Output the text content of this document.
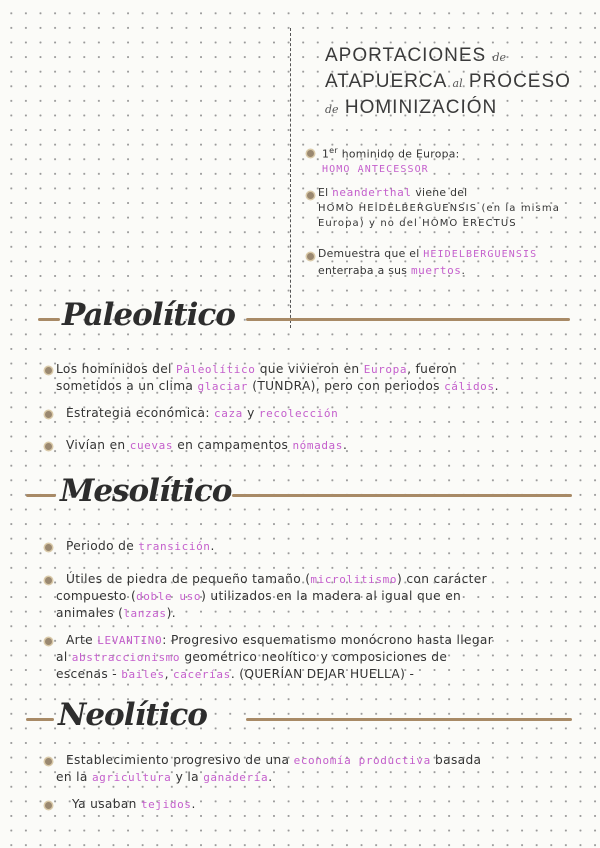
APORTACIONES de
ATAPUERCA al PROCESO
de HOMINIZACIÓN
1er hominido de Europa:
HOMO ANTECESSOR
El neanderthal viene del
HOMO HEIDELBERGUENSIS (en la misma
Europa) y no del HOMO ERECTUS
Demuestra que el HEIDELBERGUENSIS
enterraba a sus muertos.
Paleolítico
Los hominidos del Paleolítico que vivieron en Europa, fueron
sometidos a un clima glaciar (TUNDRA), pero con periodos cálidos.
Estrategia económica: caza y recolección
Vivían en cuevas en campamentos nómadas.
Mesolítico
Periodo de transición.
Útiles de piedra de pequeño tamaño (microlitismo) con carácter
compuesto (doble uso) utilizados en la madera al igual que en
animales (lanzas).
Arte LEVANTINO: Progresivo esquematismo monócrono hasta llegar
al abstraccionismo geométrico neolítico y composiciones de
escenas - bailes, cacerías. (QUERÍAN DEJAR HUELLA) -
Neolítico
Establecimiento progresivo de una economía productiva basada
en la agricultura y la ganadería.
Ya usaban tejidos.
